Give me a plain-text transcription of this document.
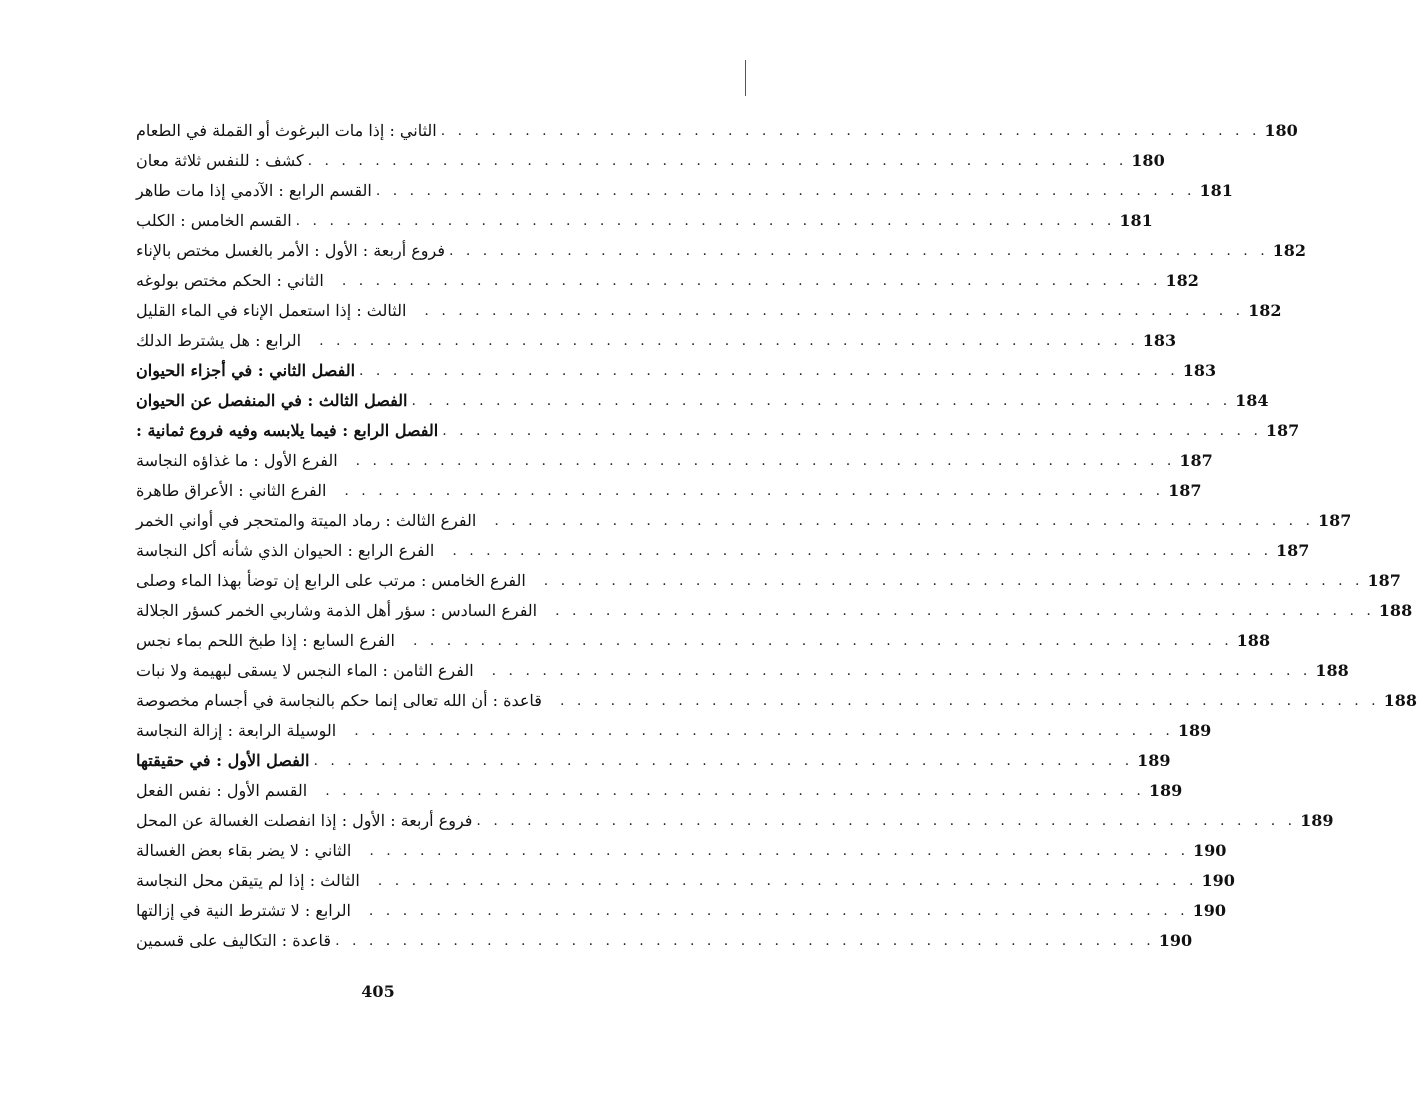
الثاني : إذا مات البرغوث أو القملة في الطعام . . . . . . . . . . . . . . . . . . . . . . . . . . . . . . . . . . . . . . . . . . . . . . . . . 180
كشف : للنفس ثلاثة معان . . . . . . . . . . . . . . . . . . . . . . . . . . . . . . . . . . . . . . . . . . . . . . . . . 180
القسم الرابع : الآدمي إذا مات طاهر . . . . . . . . . . . . . . . . . . . . . . . . . . . . . . . . . . . . . . . . . . . . . . . . . 181
القسم الخامس : الكلب . . . . . . . . . . . . . . . . . . . . . . . . . . . . . . . . . . . . . . . . . . . . . . . . . 181
فروع أربعة : الأول : الأمر بالغسل مختص بالإناء . . . . . . . . . . . . . . . . . . . . . . . . . . . . . . . . . . . . . . . . . . . . . . . . . 182
الثاني : الحكم مختص بولوغه . . . . . . . . . . . . . . . . . . . . . . . . . . . . . . . . . . . . . . . . . . . . . . . . . 182
الثالث : إذا استعمل الإناء في الماء القليل . . . . . . . . . . . . . . . . . . . . . . . . . . . . . . . . . . . . . . . . . . . . . . . . . 182
الرابع : هل يشترط الدلك . . . . . . . . . . . . . . . . . . . . . . . . . . . . . . . . . . . . . . . . . . . . . . . . . 183
الفصل الثاني : في أجزاء الحيوان . . . . . . . . . . . . . . . . . . . . . . . . . . . . . . . . . . . . . . . . . . . . . . . . . 183
الفصل الثالث : في المنفصل عن الحيوان . . . . . . . . . . . . . . . . . . . . . . . . . . . . . . . . . . . . . . . . . . . . . . . . . 184
الفصل الرابع : فيما يلابسه وفيه فروع ثمانية : . . . . . . . . . . . . . . . . . . . . . . . . . . . . . . . . . . . . . . . . . . . . . . . . . 187
الفرع الأول : ما غذاؤه النجاسة . . . . . . . . . . . . . . . . . . . . . . . . . . . . . . . . . . . . . . . . . . . . . . . . . 187
الفرع الثاني : الأعراق طاهرة . . . . . . . . . . . . . . . . . . . . . . . . . . . . . . . . . . . . . . . . . . . . . . . . . 187
الفرع الثالث : رماد الميتة والمتحجر في أواني الخمر . . . . . . . . . . . . . . . . . . . . . . . . . . . . . . . . . . . . . . . . . . . . . . . . . 187
الفرع الرابع : الحيوان الذي شأنه أكل النجاسة . . . . . . . . . . . . . . . . . . . . . . . . . . . . . . . . . . . . . . . . . . . . . . . . . 187
الفرع الخامس : مرتب على الرابع إن توضأ بهذا الماء وصلى . . . . . . . . . . . . . . . . . . . . . . . . . . . . . . . . . . . . . . . . . . . . . . . . . 187
الفرع السادس : سؤر أهل الذمة وشاربي الخمر كسؤر الجلالة . . . . . . . . . . . . . . . . . . . . . . . . . . . . . . . . . . . . . . . . . . . . . . . . . 188
الفرع السابع : إذا طبخ اللحم بماء نجس . . . . . . . . . . . . . . . . . . . . . . . . . . . . . . . . . . . . . . . . . . . . . . . . . 188
الفرع الثامن : الماء النجس لا يسقى لبهيمة ولا نبات . . . . . . . . . . . . . . . . . . . . . . . . . . . . . . . . . . . . . . . . . . . . . . . . . 188
قاعدة : أن الله تعالى إنما حكم بالنجاسة في أجسام مخصوصة . . . . . . . . . . . . . . . . . . . . . . . . . . . . . . . . . . . . . . . . . . . . . . . . . 188
الوسيلة الرابعة : إزالة النجاسة . . . . . . . . . . . . . . . . . . . . . . . . . . . . . . . . . . . . . . . . . . . . . . . . . 189
الفصل الأول : في حقيقتها . . . . . . . . . . . . . . . . . . . . . . . . . . . . . . . . . . . . . . . . . . . . . . . . . 189
القسم الأول : نفس الفعل . . . . . . . . . . . . . . . . . . . . . . . . . . . . . . . . . . . . . . . . . . . . . . . . . 189
فروع أربعة : الأول : إذا انفصلت الغسالة عن المحل . . . . . . . . . . . . . . . . . . . . . . . . . . . . . . . . . . . . . . . . . . . . . . . . . 189
الثاني : لا يضر بقاء بعض الغسالة . . . . . . . . . . . . . . . . . . . . . . . . . . . . . . . . . . . . . . . . . . . . . . . . . 190
الثالث : إذا لم يتيقن محل النجاسة . . . . . . . . . . . . . . . . . . . . . . . . . . . . . . . . . . . . . . . . . . . . . . . . . 190
الرابع : لا تشترط النية في إزالتها . . . . . . . . . . . . . . . . . . . . . . . . . . . . . . . . . . . . . . . . . . . . . . . . . 190
قاعدة : التكاليف على قسمين . . . . . . . . . . . . . . . . . . . . . . . . . . . . . . . . . . . . . . . . . . . . . . . . . 190
405
